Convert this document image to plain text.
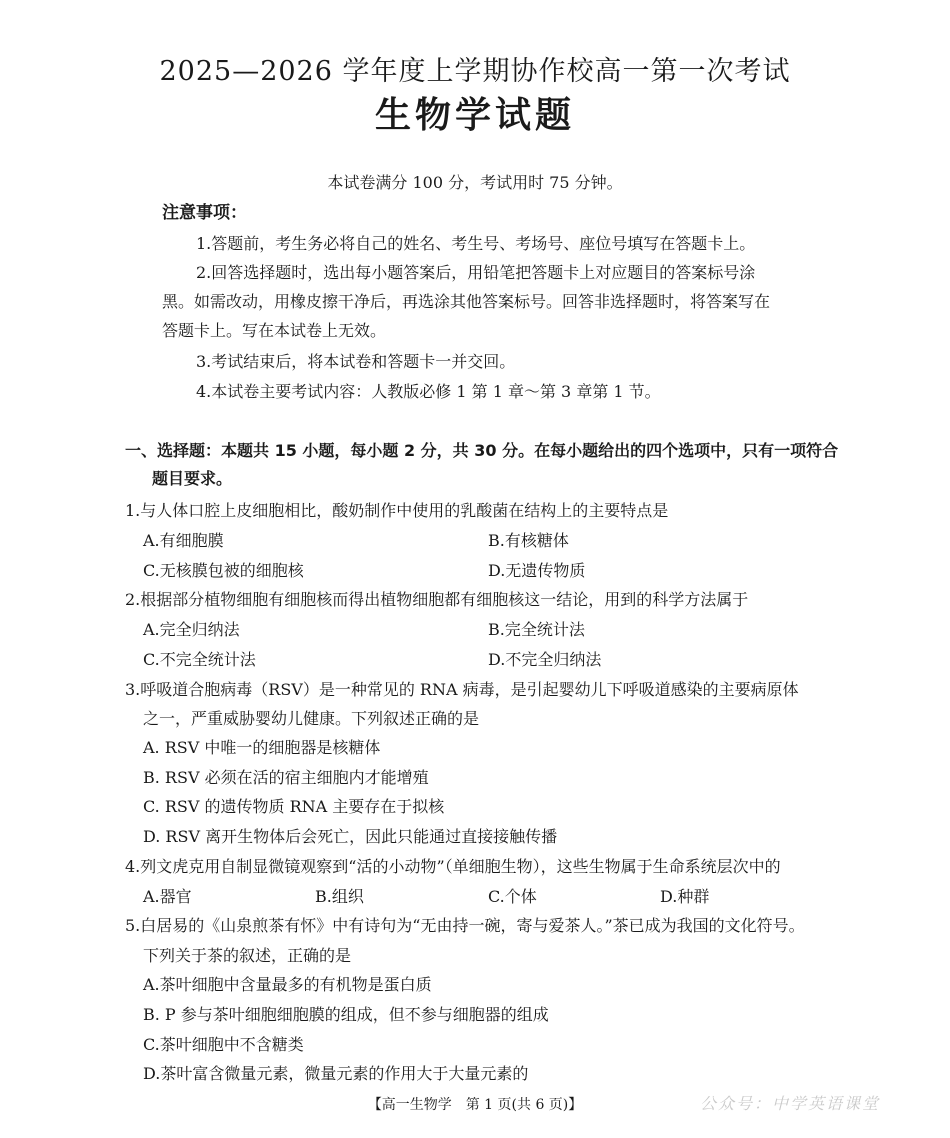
2025—2026 学年度上学期协作校高一第一次考试
生物学试题
本试卷满分 100 分，考试用时 75 分钟。
注意事项：
1.答题前，考生务必将自己的姓名、考生号、考场号、座位号填写在答题卡上。
2.回答选择题时，选出每小题答案后，用铅笔把答题卡上对应题目的答案标号涂
黑。如需改动，用橡皮擦干净后，再选涂其他答案标号。回答非选择题时，将答案写在
答题卡上。写在本试卷上无效。
3.考试结束后，将本试卷和答题卡一并交回。
4.本试卷主要考试内容：人教版必修 1 第 1 章～第 3 章第 1 节。
一、选择题：本题共 15 小题，每小题 2 分，共 30 分。在每小题给出的四个选项中，只有一项符合
题目要求。
1.与人体口腔上皮细胞相比，酸奶制作中使用的乳酸菌在结构上的主要特点是
A.有细胞膜	B.有核糖体
C.无核膜包被的细胞核	D.无遗传物质
2.根据部分植物细胞有细胞核而得出植物细胞都有细胞核这一结论，用到的科学方法属于
A.完全归纳法	B.完全统计法
C.不完全统计法	D.不完全归纳法
3.呼吸道合胞病毒（RSV）是一种常见的 RNA 病毒，是引起婴幼儿下呼吸道感染的主要病原体
之一，严重威胁婴幼儿健康。下列叙述正确的是
A. RSV 中唯一的细胞器是核糖体
B. RSV 必须在活的宿主细胞内才能增殖
C. RSV 的遗传物质 RNA 主要存在于拟核
D. RSV 离开生物体后会死亡，因此只能通过直接接触传播
4.列文虎克用自制显微镜观察到“活的小动物”（单细胞生物），这些生物属于生命系统层次中的
A.器官	B.组织	C.个体	D.种群
5.白居易的《山泉煎茶有怀》中有诗句为“无由持一碗，寄与爱茶人。”茶已成为我国的文化符号。
下列关于茶的叙述，正确的是
A.茶叶细胞中含量最多的有机物是蛋白质
B. P 参与茶叶细胞细胞膜的组成，但不参与细胞器的组成
C.茶叶细胞中不含糖类
D.茶叶富含微量元素，微量元素的作用大于大量元素的
【高一生物学　第 1 页(共 6 页)】	公众号：中学英语课堂
